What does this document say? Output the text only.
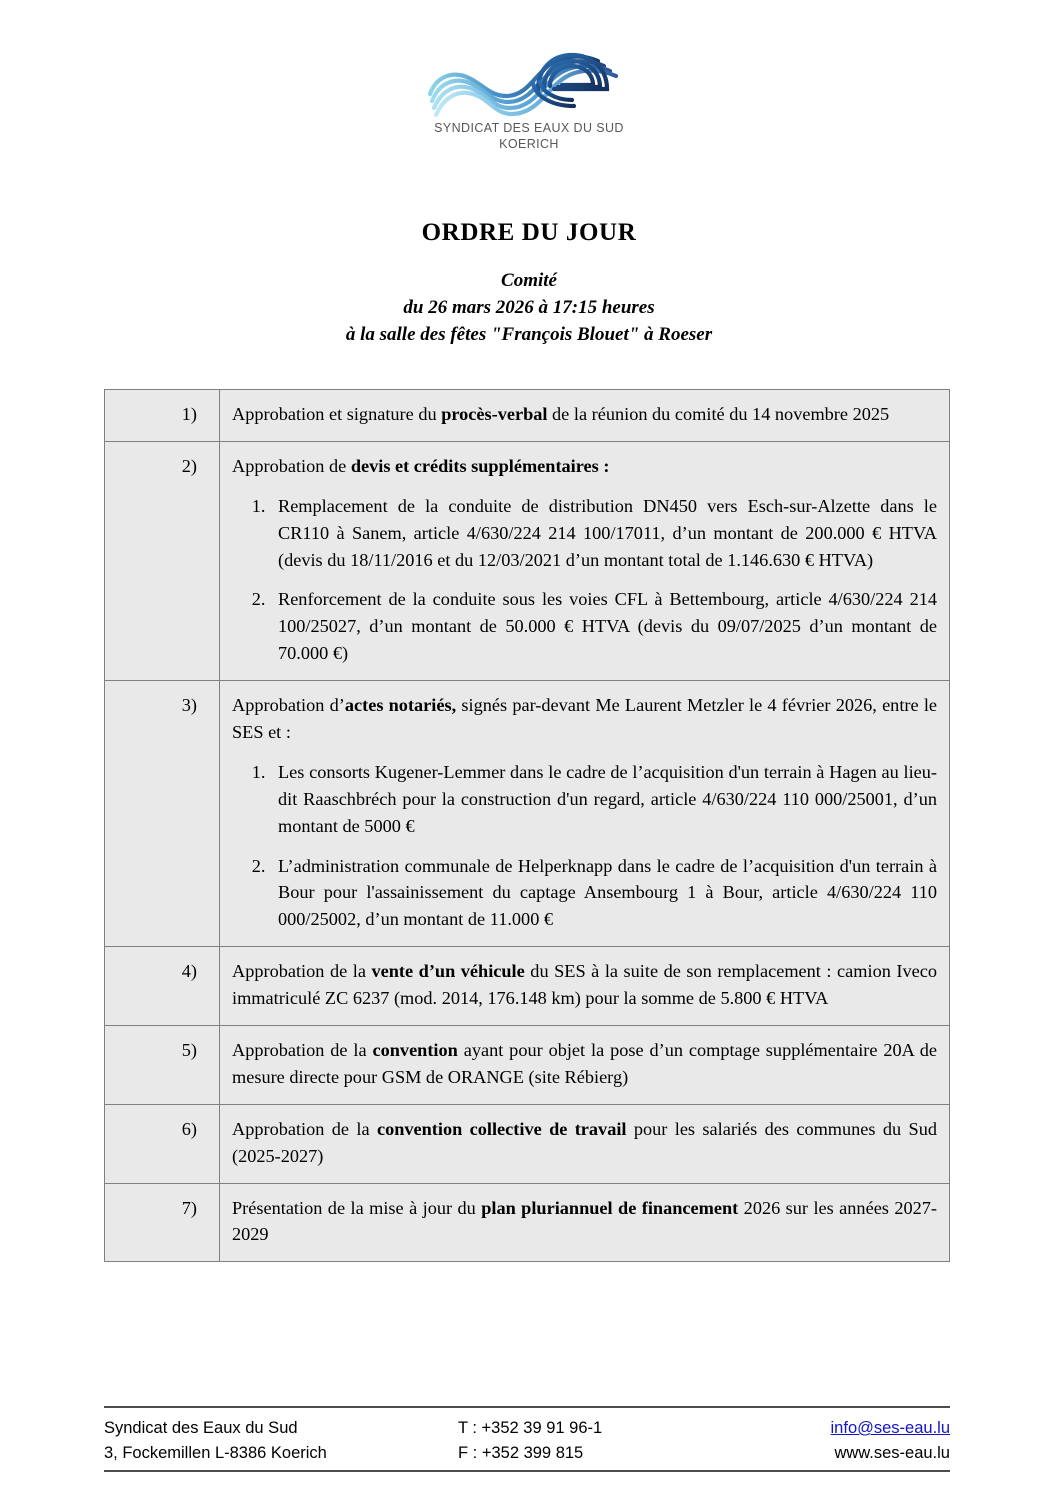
SYNDICAT DES EAUX DU SUD
KOERICH
ORDRE DU JOUR
Comité
du 26 mars 2026 à 17:15 heures
à la salle des fêtes "François Blouet" à Roeser
1)	Approbation et signature du procès-verbal de la réunion du comité du 14 novembre 2025

2)	Approbation de devis et crédits supplémentaires :

1. Remplacement de la conduite de distribution DN450 vers Esch-sur-Alzette dans le CR110 à Sanem, article 4/630/224 214 100/17011, d’un montant de 200.000 € HTVA (devis du 18/11/2016 et du 12/03/2021 d’un montant total de 1.146.630 € HTVA)
2. Renforcement de la conduite sous les voies CFL à Bettembourg, article 4/630/224 214 100/25027, d’un montant de 50.000 € HTVA (devis du 09/07/2025 d’un montant de 70.000 €)

3)	Approbation d’actes notariés, signés par-devant Me Laurent Metzler le 4 février 2026, entre le SES et :

1. Les consorts Kugener-Lemmer dans le cadre de l’acquisition d'un terrain à Hagen au lieu-dit Raaschbréch pour la construction d'un regard, article 4/630/224 110 000/25001, d’un montant de 5000 €
2. L’administration communale de Helperknapp dans le cadre de l’acquisition d'un terrain à Bour pour l'assainissement du captage Ansembourg 1 à Bour, article 4/630/224 110 000/25002, d’un montant de 11.000 €

4)	Approbation de la vente d’un véhicule du SES à la suite de son remplacement : camion Iveco immatriculé ZC 6237 (mod. 2014, 176.148 km) pour la somme de 5.800 € HTVA

5)	Approbation de la convention ayant pour objet la pose d’un comptage supplémentaire 20A de mesure directe pour GSM de ORANGE (site Rébierg)

6)	Approbation de la convention collective de travail pour les salariés des communes du Sud (2025-2027)

7)	Présentation de la mise à jour du plan pluriannuel de financement 2026 sur les années 2027-2029

Syndicat des Eaux du Sud
3, Fockemillen L-8386 Koerich
T : +352 39 91 96-1
F : +352 399 815
info@ses-eau.lu
www.ses-eau.lu
